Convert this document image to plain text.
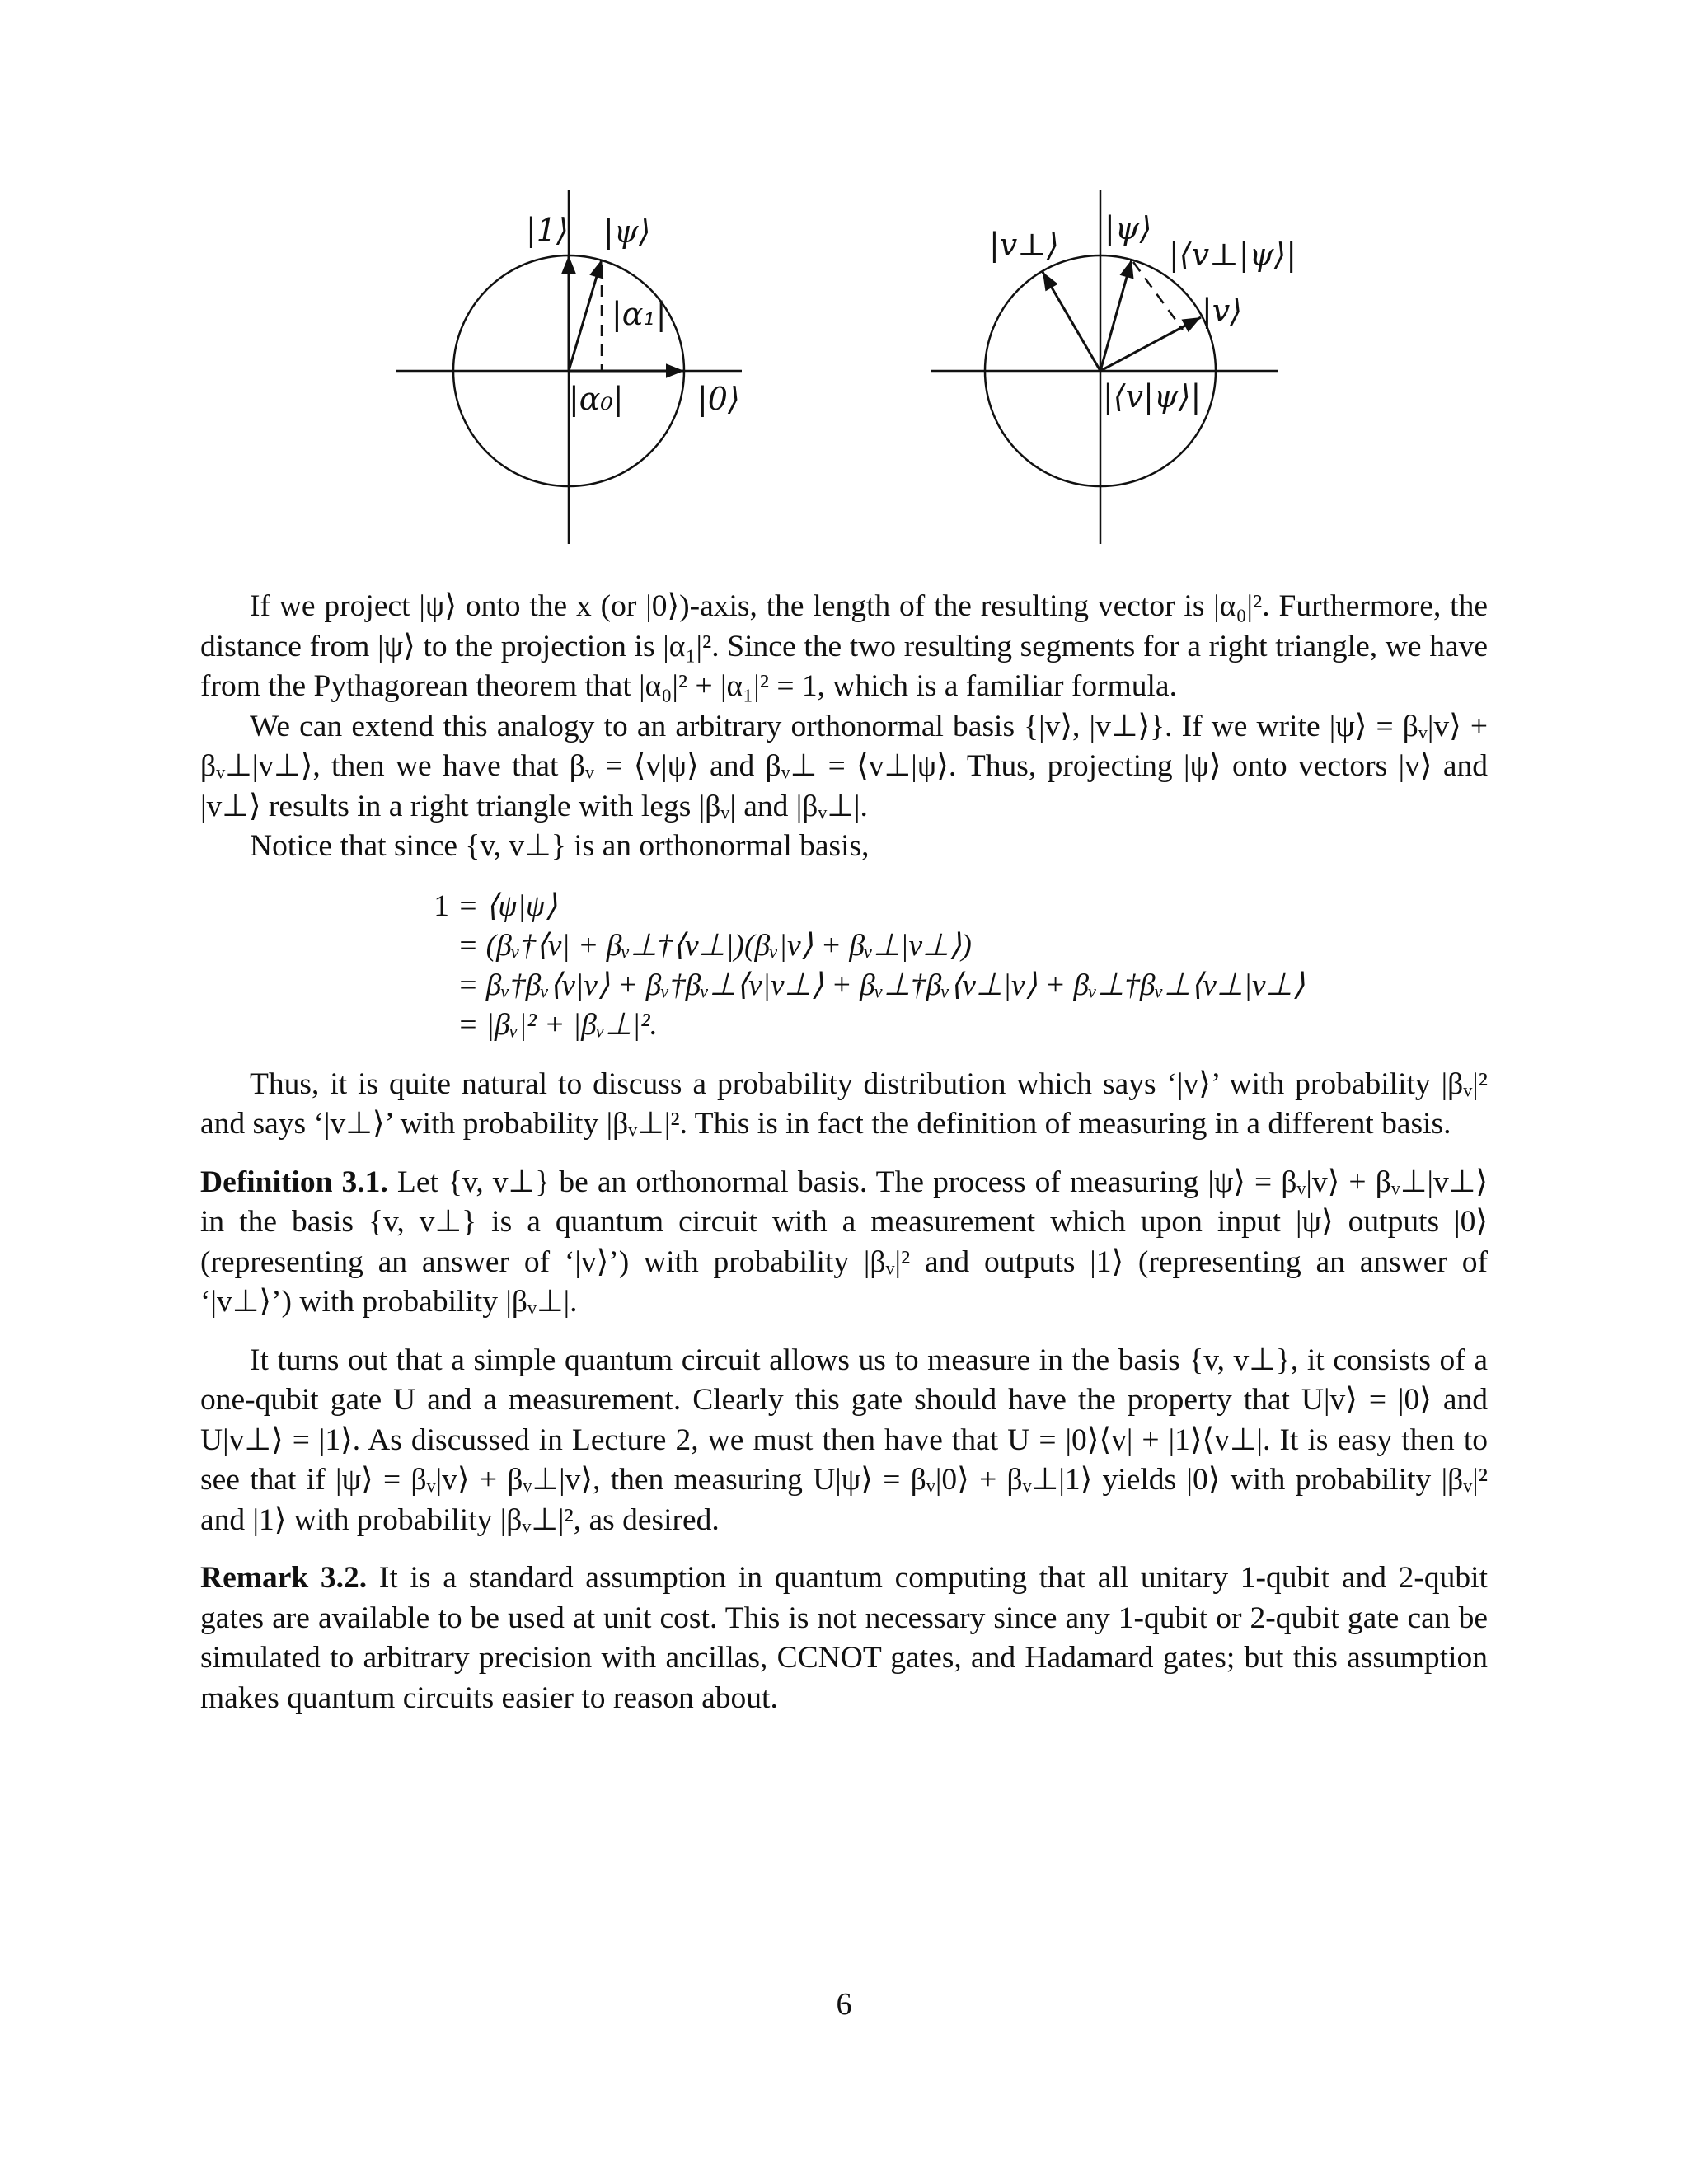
|1⟩ |ψ⟩
|α₁|
|α₀| |0⟩
|v⊥⟩ |ψ⟩
|⟨v⊥|ψ⟩|
|v⟩
|⟨v|ψ⟩|

If we project |ψ⟩ onto the x (or |0⟩)-axis, the length of the resulting vector is |α₀|². Furthermore, the distance from |ψ⟩ to the projection is |α₁|². Since the two resulting segments for a right triangle, we have from the Pythagorean theorem that |α₀|² + |α₁|² = 1, which is a familiar formula.

We can extend this analogy to an arbitrary orthonormal basis {|v⟩, |v⊥⟩}. If we write |ψ⟩ = βᵥ|v⟩ + βᵥ⊥|v⊥⟩, then we have that βᵥ = ⟨v|ψ⟩ and βᵥ⊥ = ⟨v⊥|ψ⟩. Thus, projecting |ψ⟩ onto vectors |v⟩ and |v⊥⟩ results in a right triangle with legs |βᵥ| and |βᵥ⊥|.

Notice that since {v, v⊥} is an orthonormal basis,

1 = ⟨ψ|ψ⟩
= (βᵥ†⟨v| + βᵥ⊥†⟨v⊥|)(βᵥ|v⟩ + βᵥ⊥|v⊥⟩)
= βᵥ†βᵥ⟨v|v⟩ + βᵥ†βᵥ⊥⟨v|v⊥⟩ + βᵥ⊥†βᵥ⟨v⊥|v⟩ + βᵥ⊥†βᵥ⊥⟨v⊥|v⊥⟩
= |βᵥ|² + |βᵥ⊥|².

Thus, it is quite natural to discuss a probability distribution which says ‘|v⟩’ with probability |βᵥ|² and says ‘|v⊥⟩’ with probability |βᵥ⊥|². This is in fact the definition of measuring in a different basis.

Definition 3.1. Let {v, v⊥} be an orthonormal basis. The process of measuring |ψ⟩ = βᵥ|v⟩ + βᵥ⊥|v⊥⟩ in the basis {v, v⊥} is a quantum circuit with a measurement which upon input |ψ⟩ outputs |0⟩ (representing an answer of ‘|v⟩’) with probability |βᵥ|² and outputs |1⟩ (representing an answer of ‘|v⊥⟩’) with probability |βᵥ⊥|.

It turns out that a simple quantum circuit allows us to measure in the basis {v, v⊥}, it consists of a one-qubit gate U and a measurement. Clearly this gate should have the property that U|v⟩ = |0⟩ and U|v⊥⟩ = |1⟩. As discussed in Lecture 2, we must then have that U = |0⟩⟨v| + |1⟩⟨v⊥|. It is easy then to see that if |ψ⟩ = βᵥ|v⟩ + βᵥ⊥|v⟩, then measuring U|ψ⟩ = βᵥ|0⟩ + βᵥ⊥|1⟩ yields |0⟩ with probability |βᵥ|² and |1⟩ with probability |βᵥ⊥|², as desired.

Remark 3.2. It is a standard assumption in quantum computing that all unitary 1-qubit and 2-qubit gates are available to be used at unit cost. This is not necessary since any 1-qubit or 2-qubit gate can be simulated to arbitrary precision with ancillas, CCNOT gates, and Hadamard gates; but this assumption makes quantum circuits easier to reason about.

6
